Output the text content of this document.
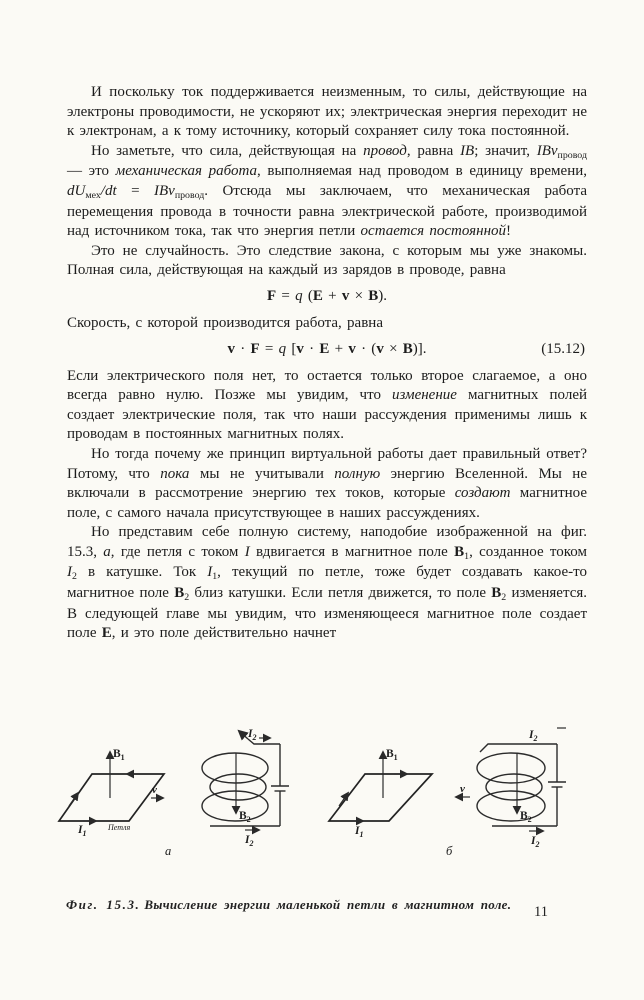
И поскольку ток поддерживается неизменным, то силы, действующие на электроны проводимости, не ускоряют их; электрическая энергия переходит не к электронам, а к тому источнику, который сохраняет силу тока постоянной.

Но заметьте, что сила, действующая на провод, равна IB; значит, IBvпровод — это механическая работа, выполняемая над проводом в единицу времени, dUмех/dt = IBvпровод. Отсюда мы заключаем, что механическая работа перемещения провода в точности равна электрической работе, производимой над источником тока, так что энергия петли остается постоянной!

Это не случайность. Это следствие закона, с которым мы уже знакомы. Полная сила, действующая на каждый из зарядов в проводе, равна

F = q (E + v × B).

Скорость, с которой производится работа, равна

v · F = q [v · E + v · (v × B)].	(15.12)

Если электрического поля нет, то остается только второе слагаемое, а оно всегда равно нулю. Позже мы увидим, что изменение магнитных полей создает электрические поля, так что наши рассуждения применимы лишь к проводам в постоянных магнитных полях.

Но тогда почему же принцип виртуальной работы дает правильный ответ? Потому, что пока мы не учитывали полную энергию Вселенной. Мы не включали в рассмотрение энергию тех токов, которые создают магнитное поле, с самого начала присутствующее в наших рассуждениях.

Но представим себе полную систему, наподобие изображенной на фиг. 15.3, а, где петля с током I вдвигается в магнитное поле B1, созданное током I2 в катушке. Ток I1, текущий по петле, тоже будет создавать какое-то магнитное поле B2 близ катушки. Если петля движется, то поле B2 изменяется. В следующей главе мы увидим, что изменяющееся магнитное поле создает поле E, и это поле действительно начнет

$B_1$
v
$I_1$
Петля
$B_2$
$I_2$
$I_2$
а
$B_1$
$I_1$
v
$B_2$
$I_2$
$I_2$
б
Фиг. 15.3. Вычисление энергии маленькой петли в магнитном поле.	11
